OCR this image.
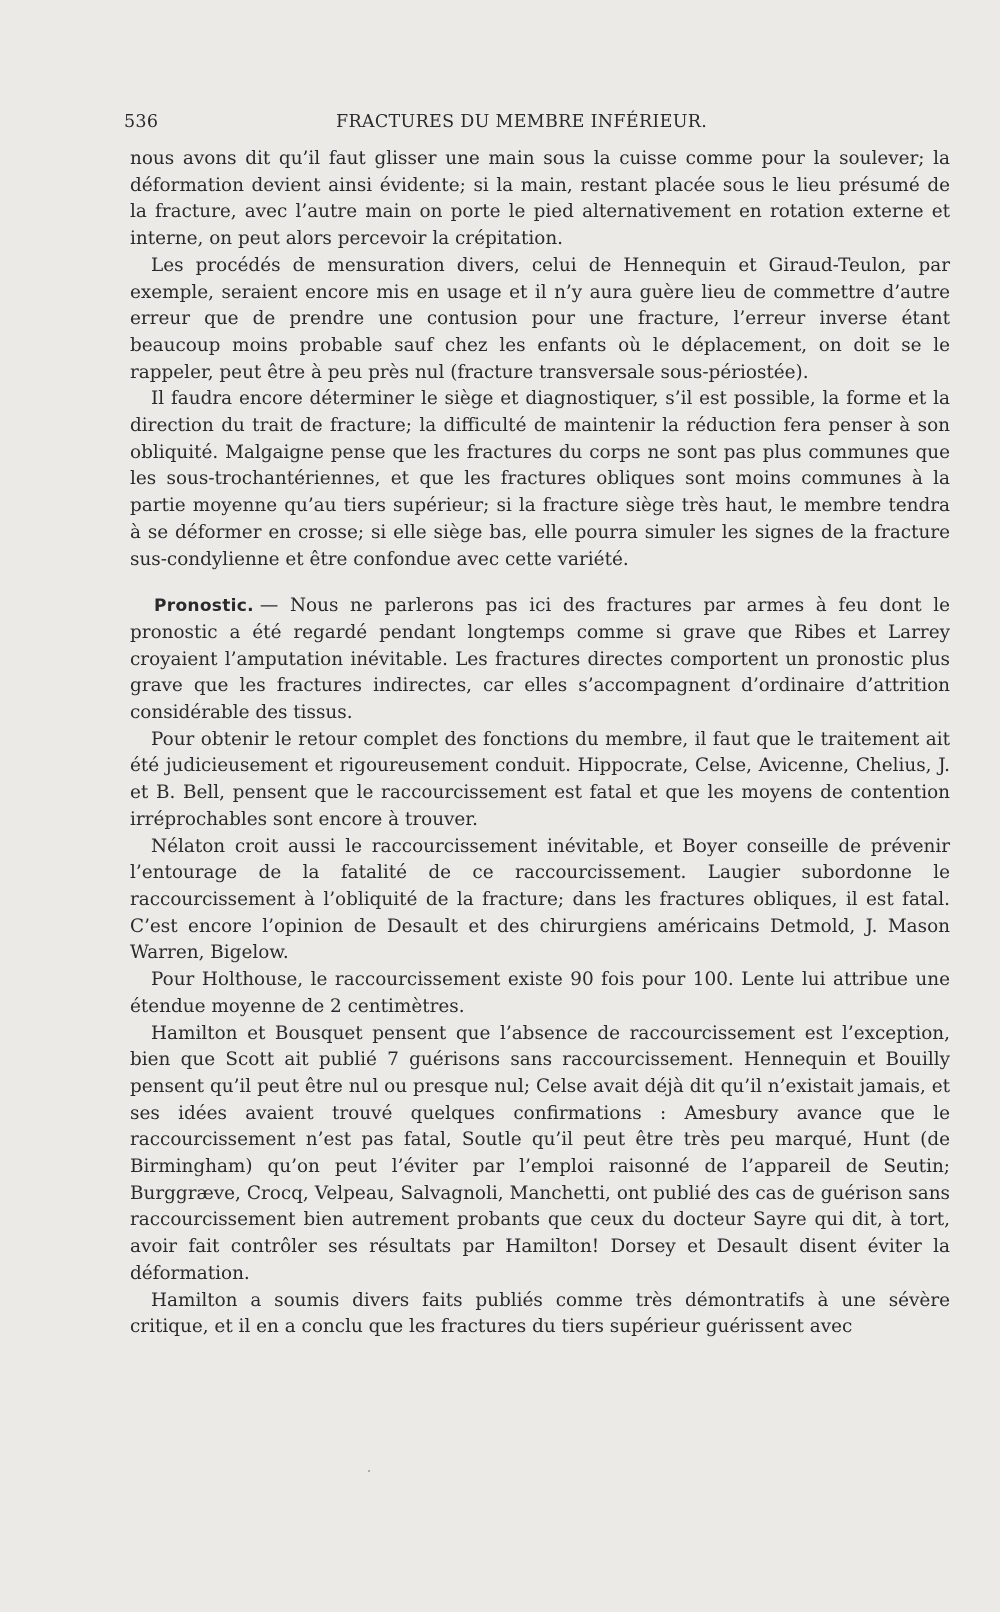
536	FRACTURES DU MEMBRE INFÉRIEUR.

nous avons dit qu’il faut glisser une main sous la cuisse comme pour la soulever; la déformation devient ainsi évidente; si la main, restant placée sous le lieu présumé de la fracture, avec l’autre main on porte le pied alternativement en rotation externe et interne, on peut alors percevoir la crépitation.

Les procédés de mensuration divers, celui de Hennequin et Giraud-Teulon, par exemple, seraient encore mis en usage et il n’y aura guère lieu de commettre d’autre erreur que de prendre une contusion pour une fracture, l’erreur inverse étant beaucoup moins probable sauf chez les enfants où le déplacement, on doit se le rappeler, peut être à peu près nul (fracture transversale sous-périostée).

Il faudra encore déterminer le siège et diagnostiquer, s’il est possible, la forme et la direction du trait de fracture; la difficulté de maintenir la réduction fera penser à son obliquité. Malgaigne pense que les fractures du corps ne sont pas plus communes que les sous-trochantériennes, et que les fractures obliques sont moins communes à la partie moyenne qu’au tiers supérieur; si la fracture siège très haut, le membre tendra à se déformer en crosse; si elle siège bas, elle pourra simuler les signes de la fracture sus-condylienne et être confondue avec cette variété.

Pronostic. — Nous ne parlerons pas ici des fractures par armes à feu dont le pronostic a été regardé pendant longtemps comme si grave que Ribes et Larrey croyaient l’amputation inévitable. Les fractures directes comportent un pronostic plus grave que les fractures indirectes, car elles s’accompagnent d’ordinaire d’attrition considérable des tissus.

Pour obtenir le retour complet des fonctions du membre, il faut que le traitement ait été judicieusement et rigoureusement conduit. Hippocrate, Celse, Avicenne, Chelius, J. et B. Bell, pensent que le raccourcissement est fatal et que les moyens de contention irréprochables sont encore à trouver.

Nélaton croit aussi le raccourcissement inévitable, et Boyer conseille de prévenir l’entourage de la fatalité de ce raccourcissement. Laugier subordonne le raccourcissement à l’obliquité de la fracture; dans les fractures obliques, il est fatal. C’est encore l’opinion de Desault et des chirurgiens américains Detmold, J. Mason Warren, Bigelow.

Pour Holthouse, le raccourcissement existe 90 fois pour 100. Lente lui attribue une étendue moyenne de 2 centimètres.

Hamilton et Bousquet pensent que l’absence de raccourcissement est l’exception, bien que Scott ait publié 7 guérisons sans raccourcissement. Hennequin et Bouilly pensent qu’il peut être nul ou presque nul; Celse avait déjà dit qu’il n’existait jamais, et ses idées avaient trouvé quelques confirmations : Amesbury avance que le raccourcissement n’est pas fatal, Soutle qu’il peut être très peu marqué, Hunt (de Birmingham) qu’on peut l’éviter par l’emploi raisonné de l’appareil de Seutin; Burggræve, Crocq, Velpeau, Salvagnoli, Manchetti, ont publié des cas de guérison sans raccourcissement bien autrement probants que ceux du docteur Sayre qui dit, à tort, avoir fait contrôler ses résultats par Hamilton! Dorsey et Desault disent éviter la déformation.

Hamilton a soumis divers faits publiés comme très démontratifs à une sévère critique, et il en a conclu que les fractures du tiers supérieur guérissent avec
